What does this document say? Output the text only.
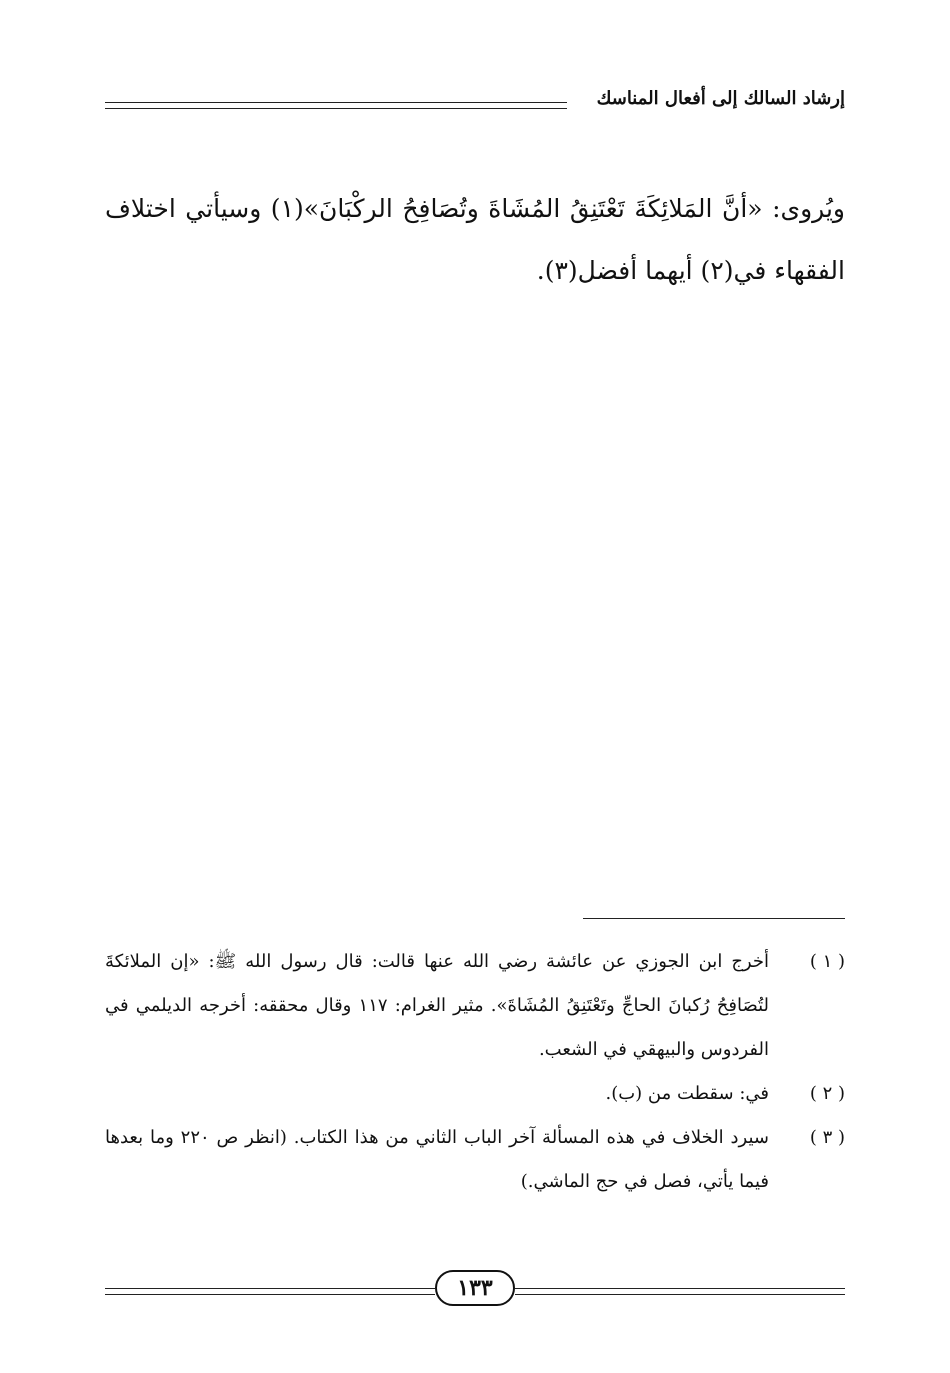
إرشاد السالك إلى أفعال المناسك
ويُروى: «أنَّ المَلائِكَةَ تَعْتَنِقُ المُشَاةَ وتُصَافِحُ الركْبَانَ»(١) وسيأتي اختلاف الفقهاء في(٢) أيهما أفضل(٣).
( ١ )
أخرج ابن الجوزي عن عائشة رضي الله عنها قالت: قال رسول الله ﷺ: «إن الملائكةَ لتُصَافِحُ رُكبانَ الحاجِّ وتَعْتَنِقُ المُشَاةَ». مثير الغرام: ١١٧ وقال محققه: أخرجه الديلمي في الفردوس والبيهقي في الشعب.
( ٢ )
في: سقطت من (ب).
( ٣ )
سيرد الخلاف في هذه المسألة آخر الباب الثاني من هذا الكتاب. (انظر ص ٢٢٠ وما بعدها فيما يأتي، فصل في حج الماشي.)
١٣٣
